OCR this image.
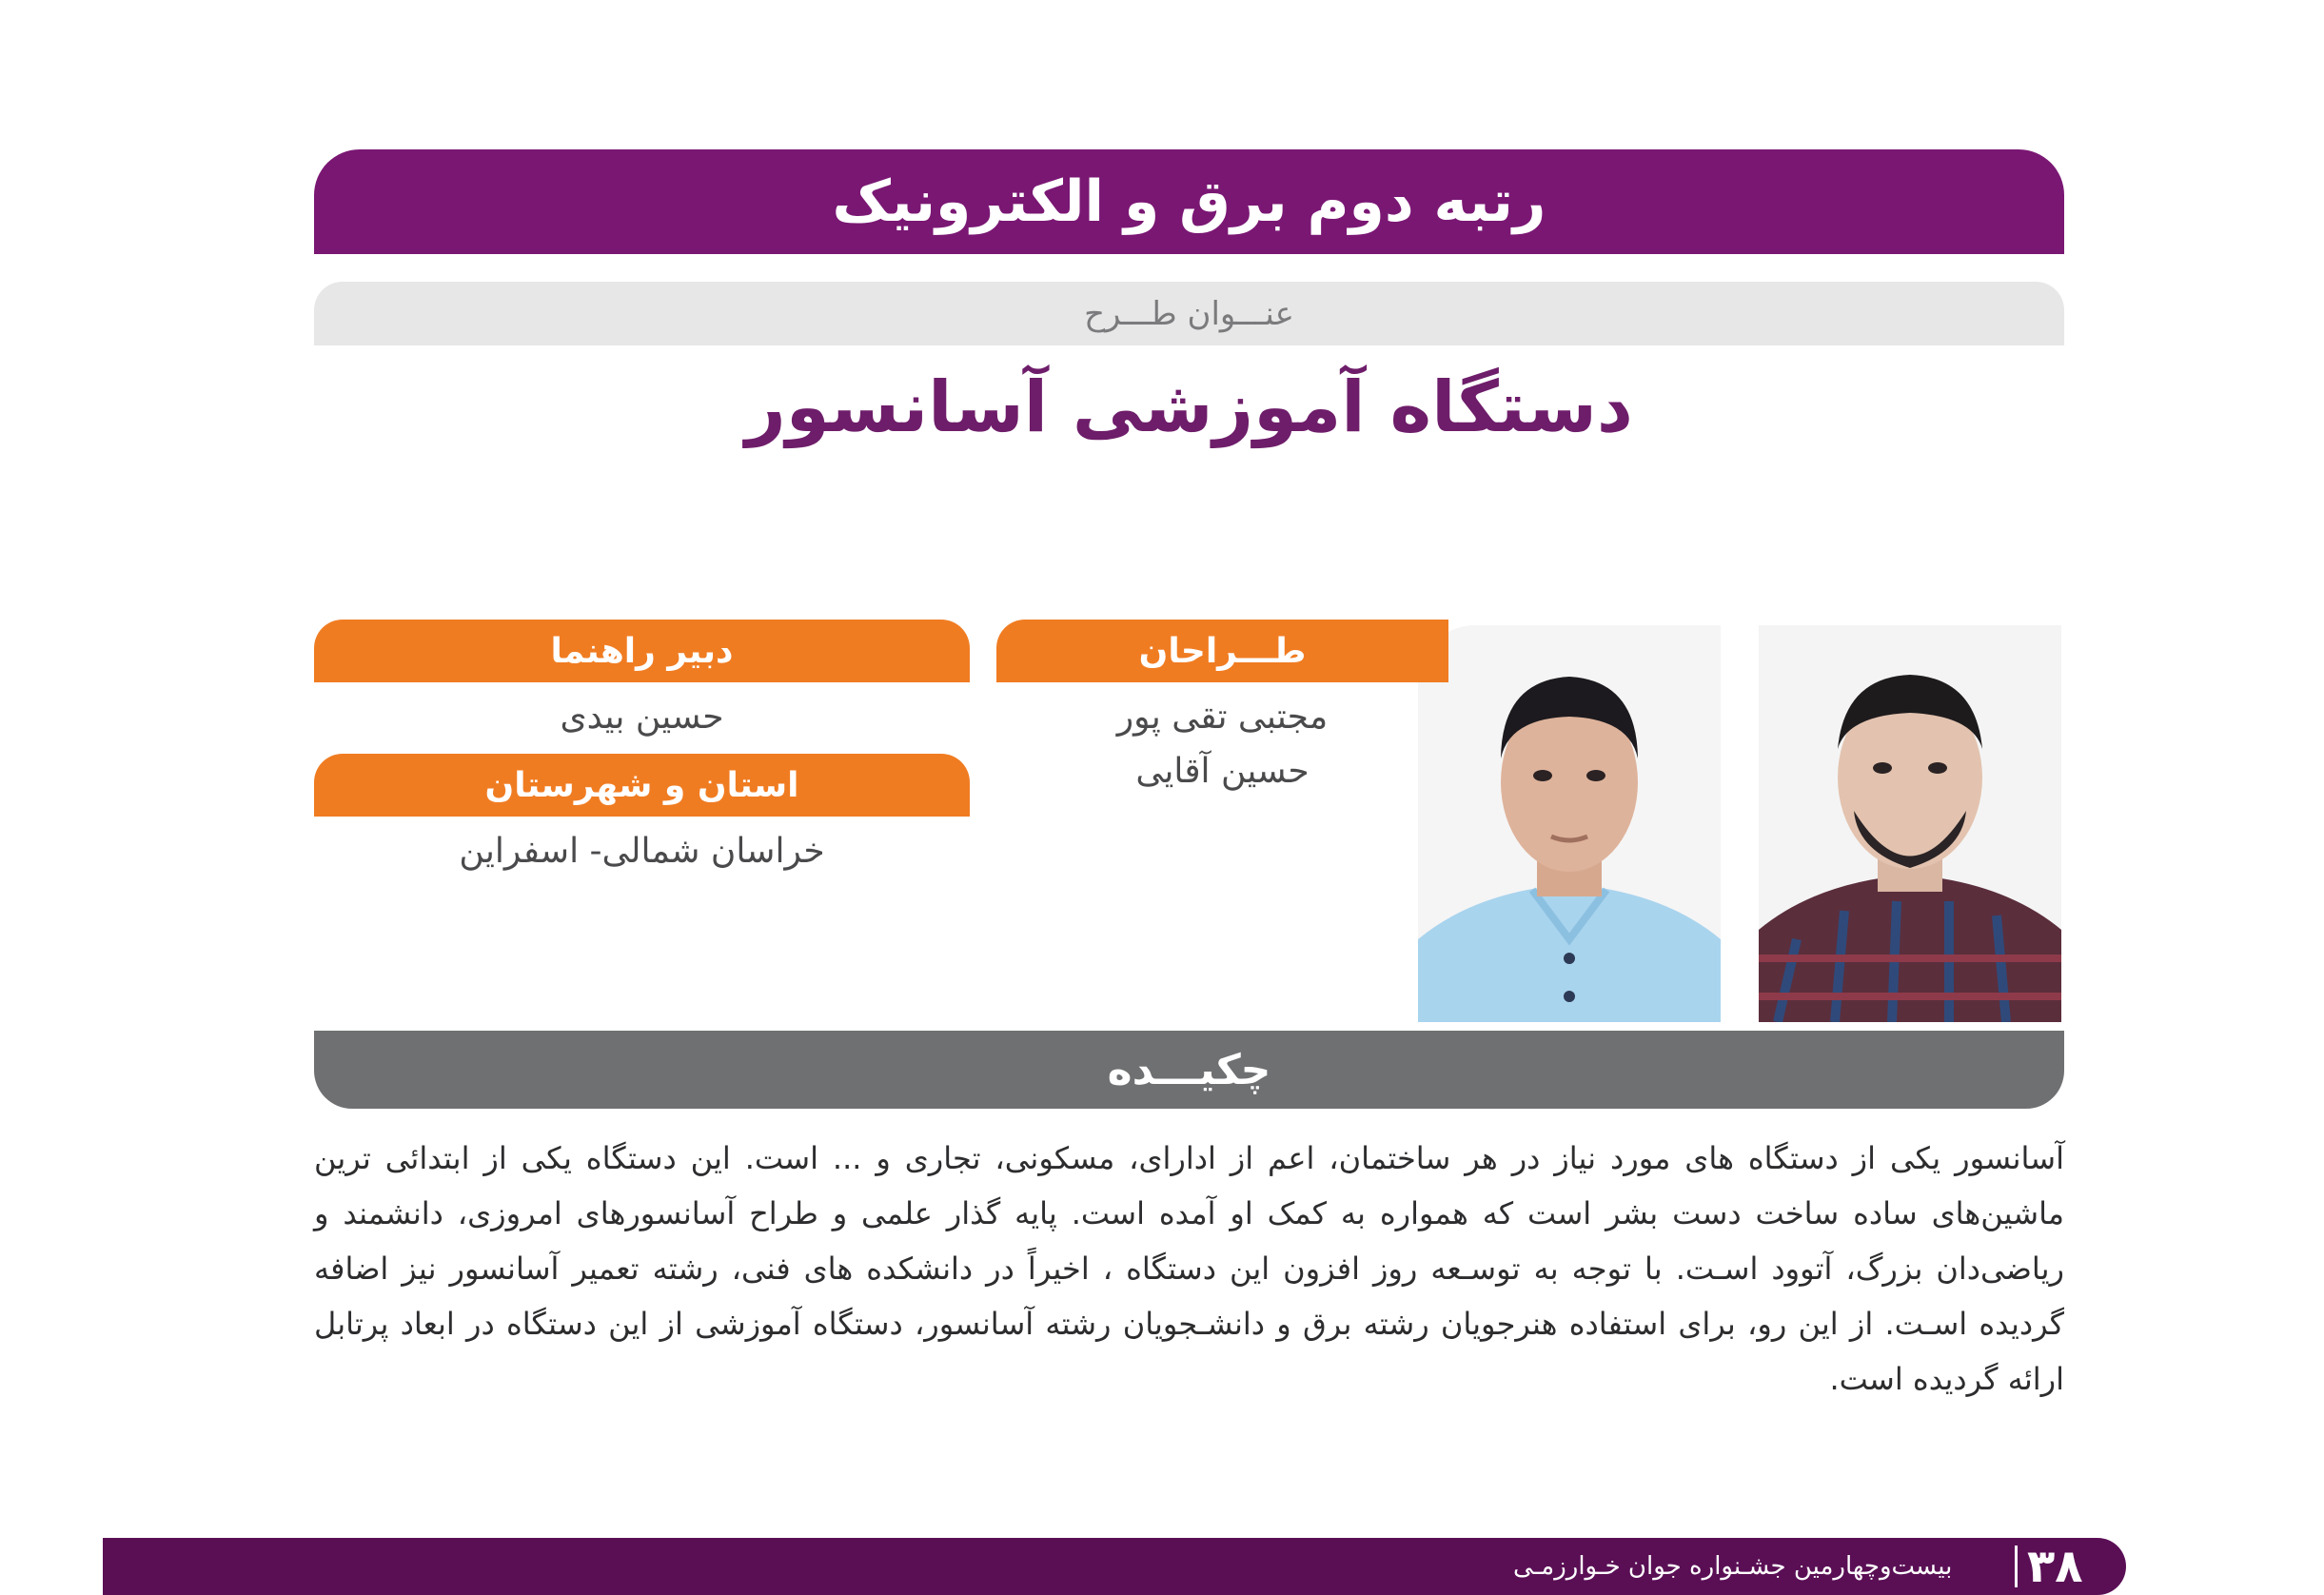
رتبه دوم برق و الکترونیک
عنـــوان طـــرح
دستگاه آموزشی آسانسور
طـــراحان
مجتبی تقی پور
حسین آقایی
دبیر راهنما
حسین بیدی
استان و شهرستان
خراسان شمالی- اسفراین
چکیـــده
آسانسور یکی از دستگاه های مورد نیاز در هر ساختمان، اعم از ادارای، مسکونی، تجاری و ... است. این دستگاه یکی از ابتدائی ترین ماشین‌های ساده ساخت دست بشر است که همواره به کمک او آمده است. پایه گذار علمی و طراح آسانسورهای امروزی، دانشمند و ریاضی‌دان بزرگ، آتوود اسـت. با توجه به توسـعه روز افزون این دستگاه ، اخیراً در دانشکده های فنی، رشته تعمیر آسانسور نیز اضافه گردیده اسـت. از این رو، برای استفاده هنرجویان رشته برق و دانشـجویان رشته آسانسور، دستگاه آموزشی از این دستگاه در ابعاد پرتابل ارائه گردیده است.
بیست‌وچهارمین جشـنواره جوان خـوارزمـی ۳۸
